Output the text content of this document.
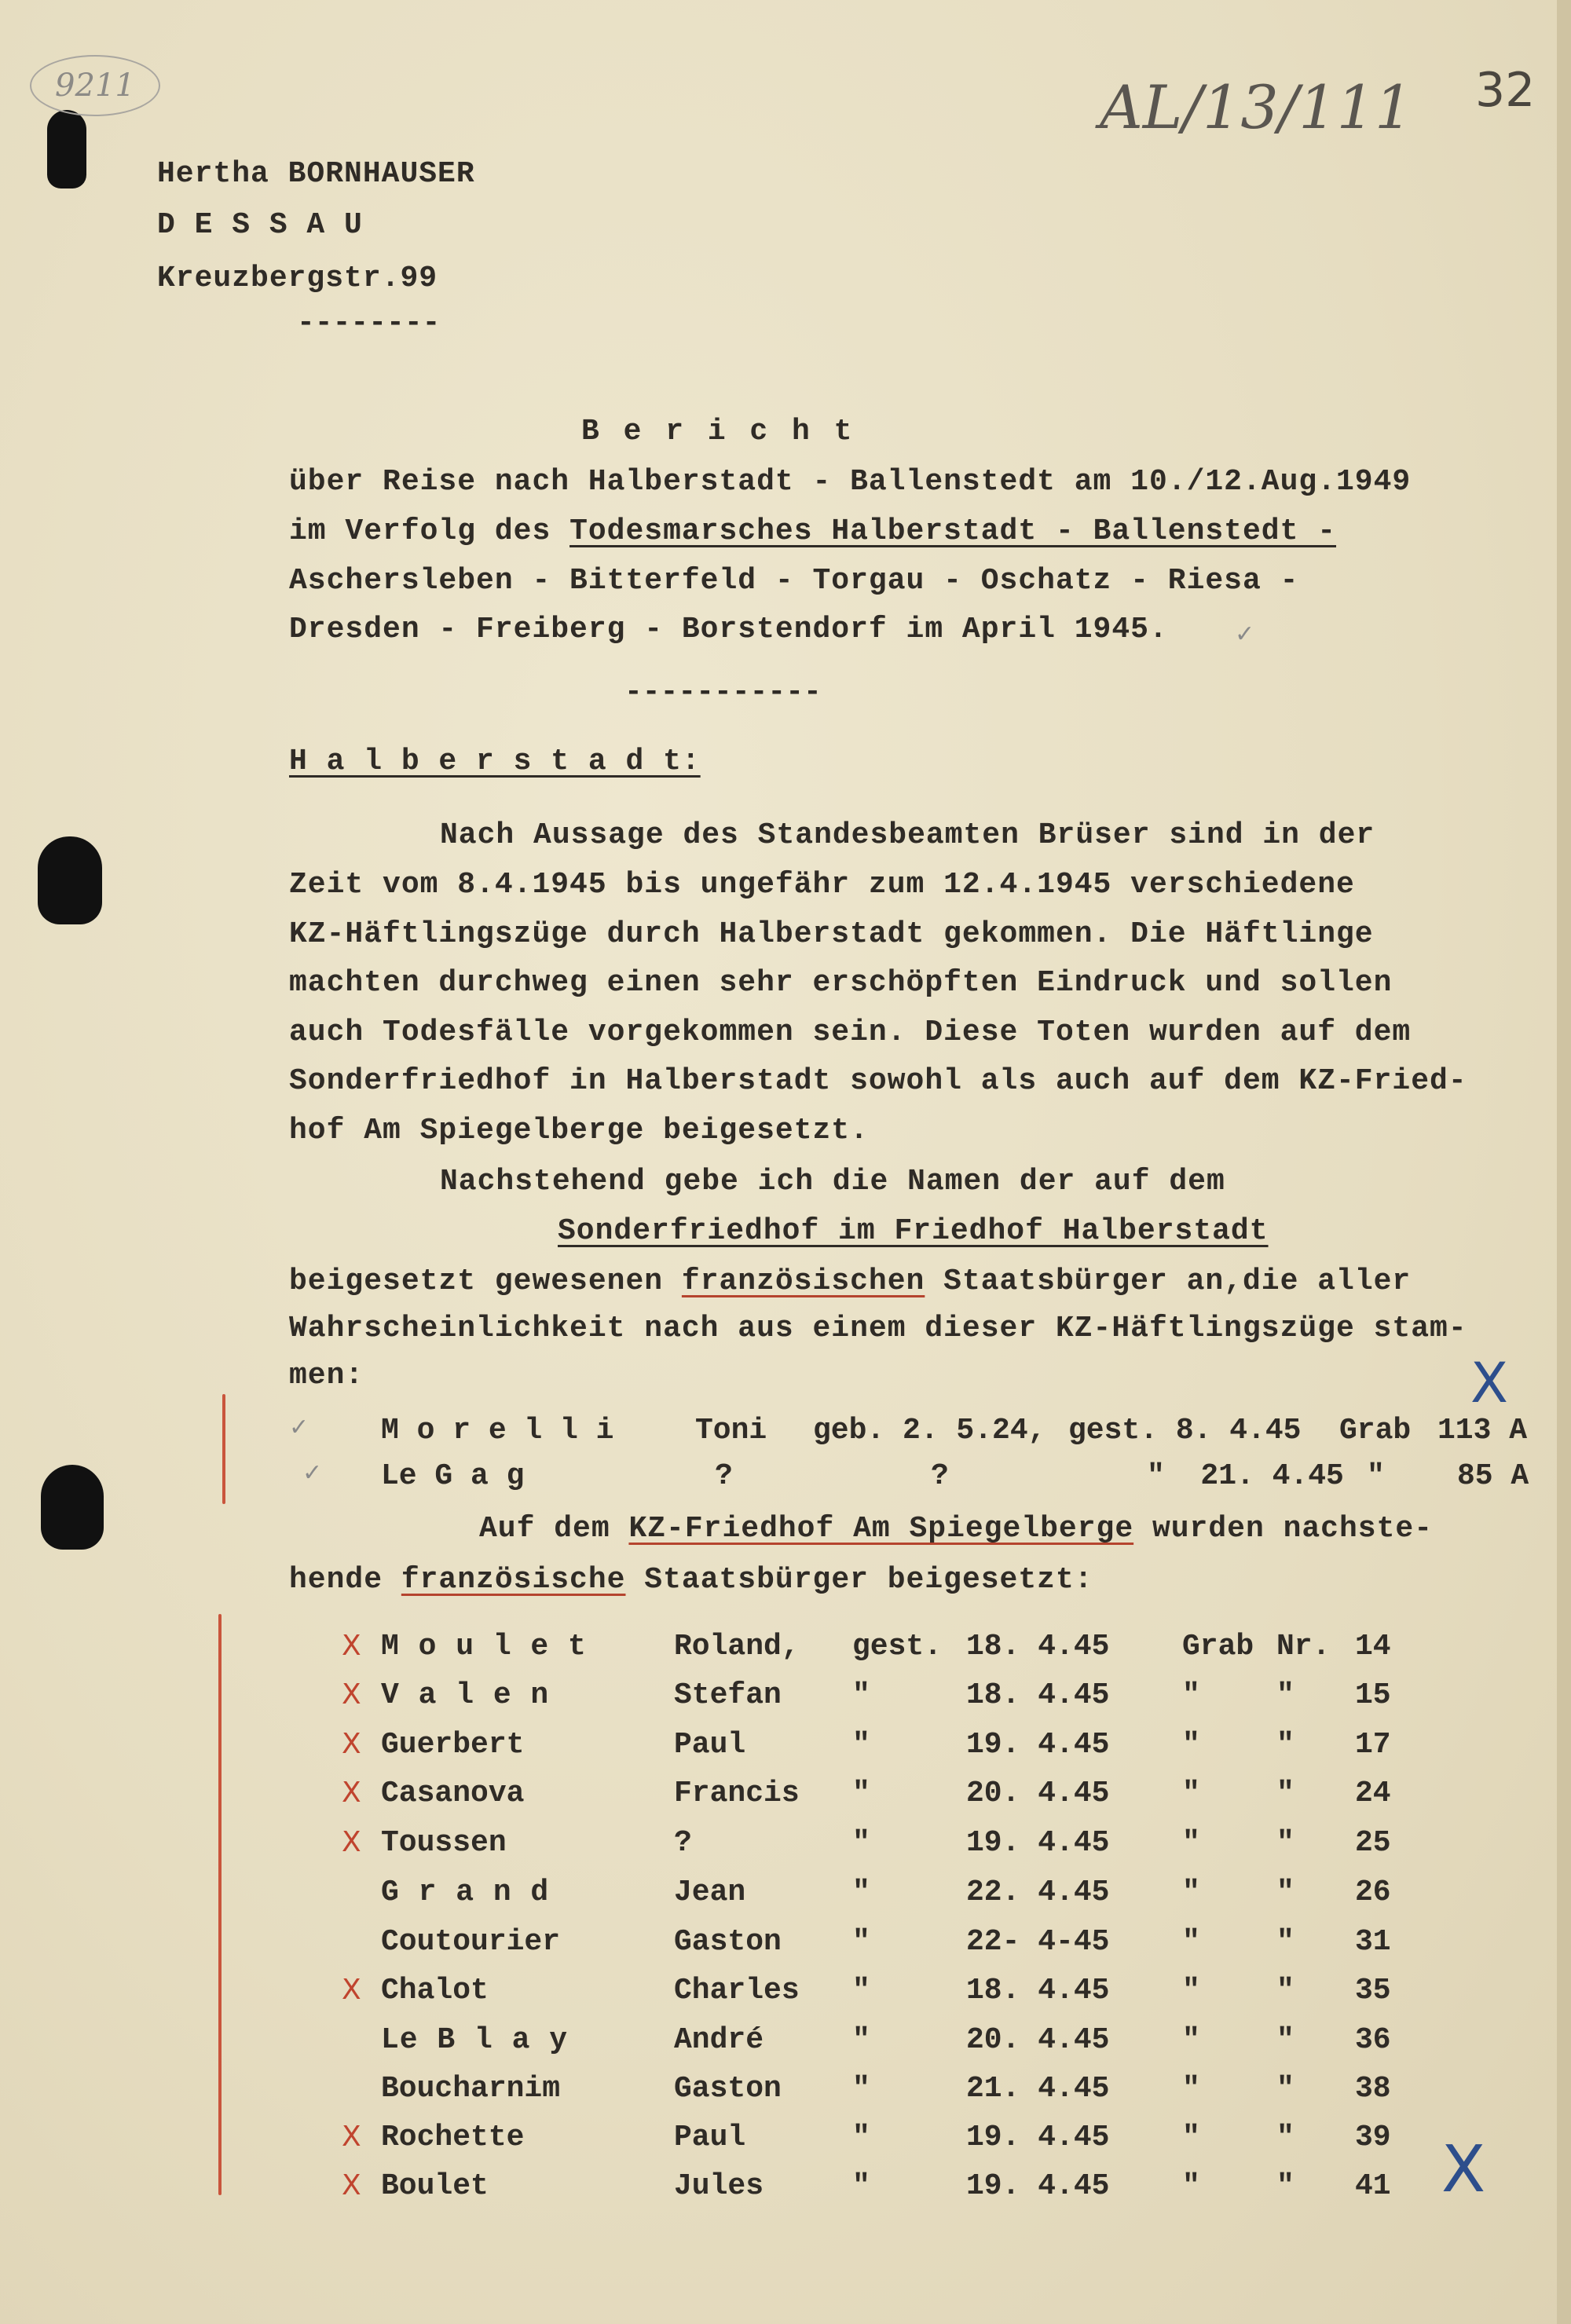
9211	AL/13/111 32
Hertha BORNHAUSER
D E S S A U
Kreuzbergstr.99
--------
B e r i c h t
über Reise nach Halberstadt - Ballenstedt am 10./12.Aug.1949
im Verfolg des Todesmarsches Halberstadt - Ballenstedt -
Aschersleben - Bitterfeld - Torgau - Oschatz - Riesa -
Dresden - Freiberg - Borstendorf im April 1945.	✓
-----------
H a l b e r s t a d t:
Nach Aussage des Standesbeamten Brüser sind in der
Zeit vom 8.4.1945 bis ungefähr zum 12.4.1945 verschiedene
KZ-Häftlingszüge durch Halberstadt gekommen. Die Häftlinge
machten durchweg einen sehr erschöpften Eindruck und sollen
auch Todesfälle vorgekommen sein. Diese Toten wurden auf dem
Sonderfriedhof in Halberstadt sowohl als auch auf dem KZ-Fried-
hof Am Spiegelberge beigesetzt.
Nachstehend gebe ich die Namen der auf dem
Sonderfriedhof im Friedhof Halberstadt
beigesetzt gewesenen französischen Staatsbürger an,die aller
Wahrscheinlichkeit nach aus einem dieser KZ-Häftlingszüge stam-
men:	X
X
✓ M o r e l l i	Toni geb. 2. 5.24, gest. 8. 4.45 Grab 113 A
✓ Le G a g	?	?	"  21. 4.45 " 85 A
Auf dem KZ-Friedhof Am Spiegelberge wurden nachste-
hende französische Staatsbürger beigesetzt:
X M o u l e t	Roland, gest. 18. 4.45 Grab Nr. 14
X V a l e n	Stefan "	18. 4.45 "	" 15
X Guerbert	Paul	"	19. 4.45 "	" 17
X Casanova	Francis "	20. 4.45 "	" 24
X Toussen	?	"	19. 4.45 "	" 25
G r a n d	Jean	"	22. 4.45 "	" 26
Coutourier	Gaston "	22- 4-45 "	" 31
X Chalot	Charles "	18. 4.45 "	" 35
Le B l a y	André	"	20. 4.45 "	" 36
Boucharnim	Gaston "	21. 4.45 "	" 38
X Rochette	Paul	"	19. 4.45 "	" 39
X Boulet	Jules	"	19. 4.45 "	" 41
